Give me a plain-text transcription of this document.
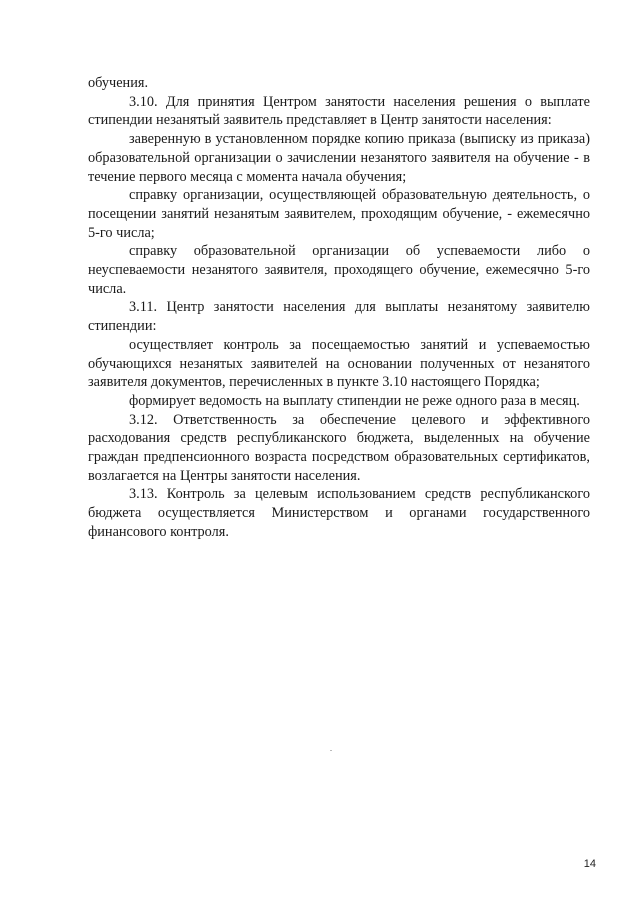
обучения.

3.10. Для принятия Центром занятости населения решения о выплате стипендии незанятый заявитель представляет в Центр занятости населения:

заверенную в установленном порядке копию приказа (выписку из приказа) образовательной организации о зачислении незанятого заявителя на обучение - в течение первого месяца с момента начала обучения;

справку организации, осуществляющей образовательную деятельность, о посещении занятий незанятым заявителем, проходящим обучение, - ежемесячно 5-го числа;

справку образовательной организации об успеваемости либо о неуспеваемости незанятого заявителя, проходящего обучение, ежемесячно 5-го числа.

3.11. Центр занятости населения для выплаты незанятому заявителю стипендии:

осуществляет контроль за посещаемостью занятий и успеваемостью обучающихся незанятых заявителей на основании полученных от незанятого заявителя документов, перечисленных в пункте 3.10 настоящего Порядка;

формирует ведомость на выплату стипендии не реже одного раза в месяц.

3.12. Ответственность за обеспечение целевого и эффективного расходования средств республиканского бюджета, выделенных на обучение граждан предпенсионного возраста посредством образовательных сертификатов, возлагается на Центры занятости населения.

3.13. Контроль за целевым использованием средств республиканского бюджета осуществляется Министерством и органами государственного финансового контроля.

14
